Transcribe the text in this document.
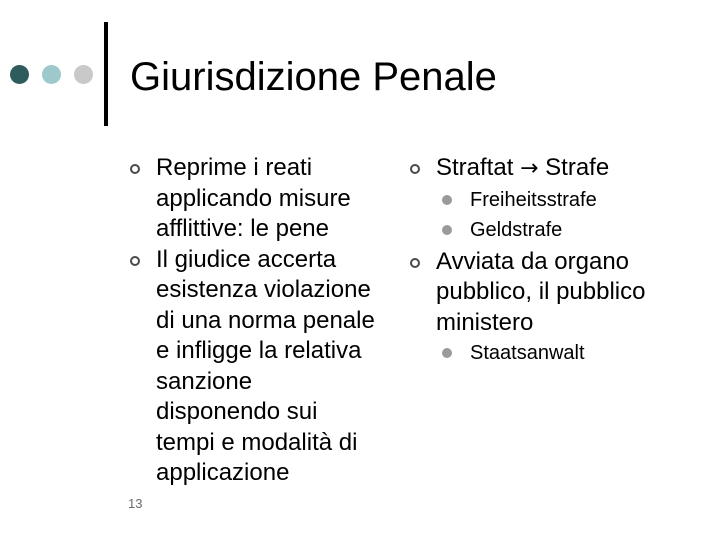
Giurisdizione Penale
Reprime i reati applicando misure afflittive: le pene
Il giudice accerta esistenza violazione di una norma penale e infligge la relativa sanzione disponendo sui tempi e modalità di applicazione
Straftat → Strafe
Freiheitsstrafe
Geldstrafe
Avviata da organo pubblico, il pubblico ministero
Staatsanwalt
13
